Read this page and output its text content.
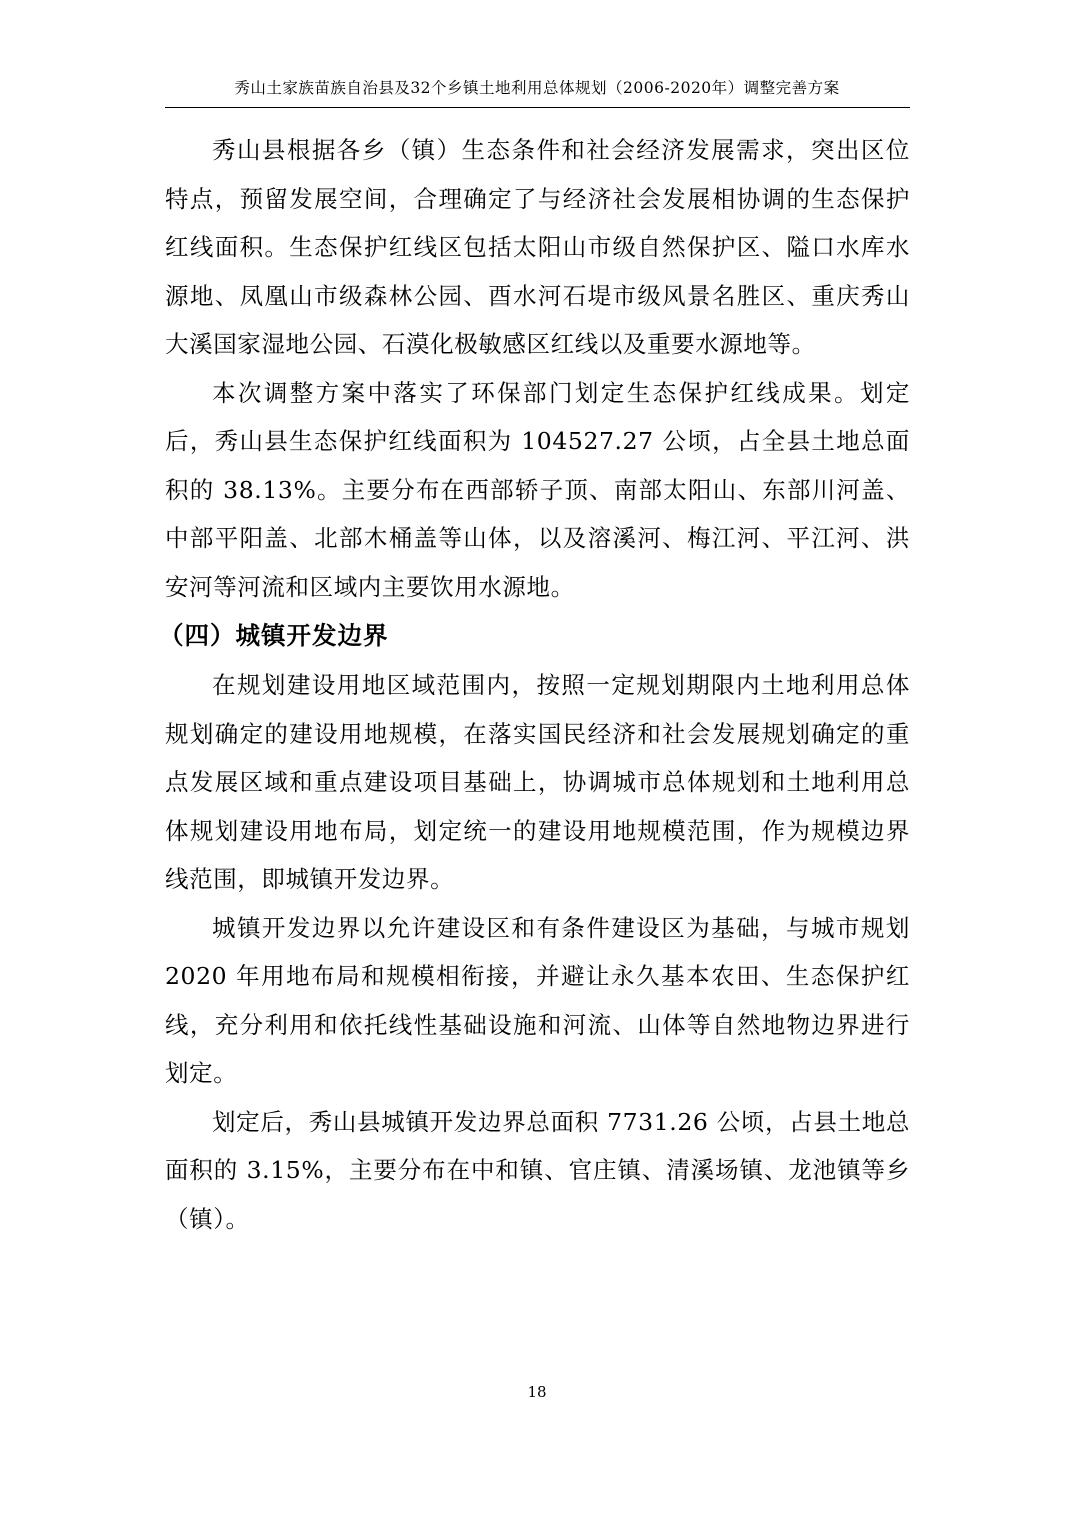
秀山土家族苗族自治县及32个乡镇土地利用总体规划（2006-2020年）调整完善方案

秀山县根据各乡（镇）生态条件和社会经济发展需求，突出区位特点，预留发展空间，合理确定了与经济社会发展相协调的生态保护红线面积。生态保护红线区包括太阳山市级自然保护区、隘口水库水源地、凤凰山市级森林公园、酉水河石堤市级风景名胜区、重庆秀山大溪国家湿地公园、石漠化极敏感区红线以及重要水源地等。

本次调整方案中落实了环保部门划定生态保护红线成果。划定后，秀山县生态保护红线面积为 104527.27 公顷，占全县土地总面积的 38.13%。主要分布在西部轿子顶、南部太阳山、东部川河盖、中部平阳盖、北部木桶盖等山体，以及溶溪河、梅江河、平江河、洪安河等河流和区域内主要饮用水源地。

（四）城镇开发边界

在规划建设用地区域范围内，按照一定规划期限内土地利用总体规划确定的建设用地规模，在落实国民经济和社会发展规划确定的重点发展区域和重点建设项目基础上，协调城市总体规划和土地利用总体规划建设用地布局，划定统一的建设用地规模范围，作为规模边界线范围，即城镇开发边界。

城镇开发边界以允许建设区和有条件建设区为基础，与城市规划 2020 年用地布局和规模相衔接，并避让永久基本农田、生态保护红线，充分利用和依托线性基础设施和河流、山体等自然地物边界进行划定。

划定后，秀山县城镇开发边界总面积 7731.26 公顷，占县土地总面积的 3.15%，主要分布在中和镇、官庄镇、清溪场镇、龙池镇等乡（镇）。

18
